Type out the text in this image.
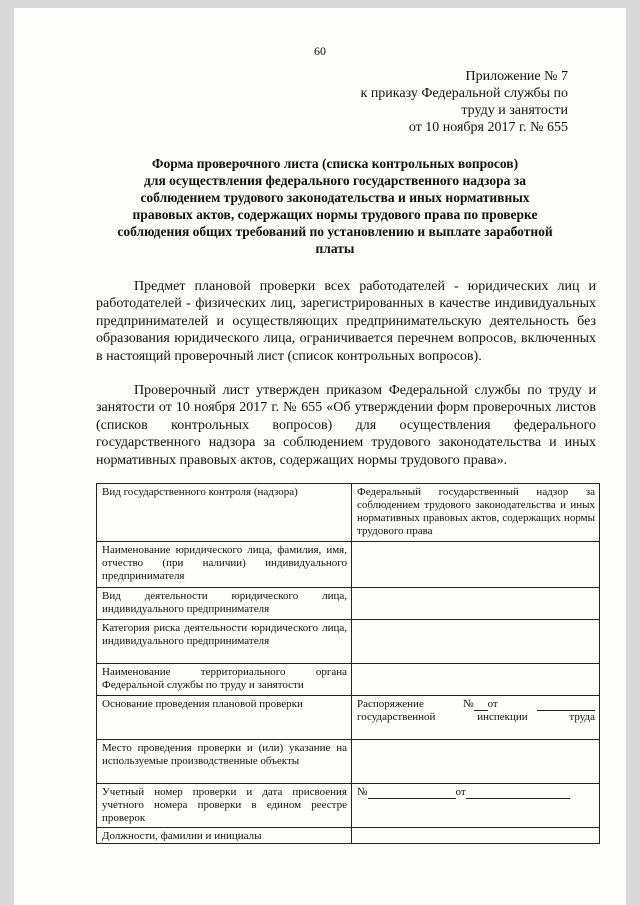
60
Приложение № 7
к приказу Федеральной службы по
труду и занятости
от 10 ноября 2017 г. № 655
Форма проверочного листа (списка контрольных вопросов)
для осуществления федерального государственного надзора за
соблюдением трудового законодательства и иных нормативных
правовых актов, содержащих нормы трудового права по проверке
соблюдения общих требований по установлению и выплате заработной
платы

Предмет плановой проверки всех работодателей - юридических лиц и работодателей - физических лиц, зарегистрированных в качестве индивидуальных предпринимателей и осуществляющих предпринимательскую деятельность без образования юридического лица, ограничивается перечнем вопросов, включенных в настоящий проверочный лист (список контрольных вопросов).

Проверочный лист утвержден приказом Федеральной службы по труду и занятости от 10 ноября 2017 г. № 655 «Об утверждении форм проверочных листов (списков контрольных вопросов) для осуществления федерального государственного надзора за соблюдением трудового законодательства и иных нормативных правовых актов, содержащих нормы трудового права».

Вид государственного контроля (надзора)	Федеральный государственный надзор за соблюдением трудового законодательства и иных нормативных правовых актов, содержащих нормы трудового права
Наименование юридического лица, фамилия, имя, отчество (при наличии) индивидуального предпринимателя	
Вид деятельности юридического лица, индивидуального предпринимателя	
Категория риска деятельности юридического лица, индивидуального предпринимателя	
Наименование территориального органа Федеральной службы по труду и занятости	
Основание проведения плановой проверки	Распоряжение № от
государственной инспекции труда

Место проведения проверки и (или) указание на используемые производственные объекты	
Учетный номер проверки и дата присвоения учетного номера проверки в едином реестре проверок	№ от

Должности, фамилии и инициалы	
